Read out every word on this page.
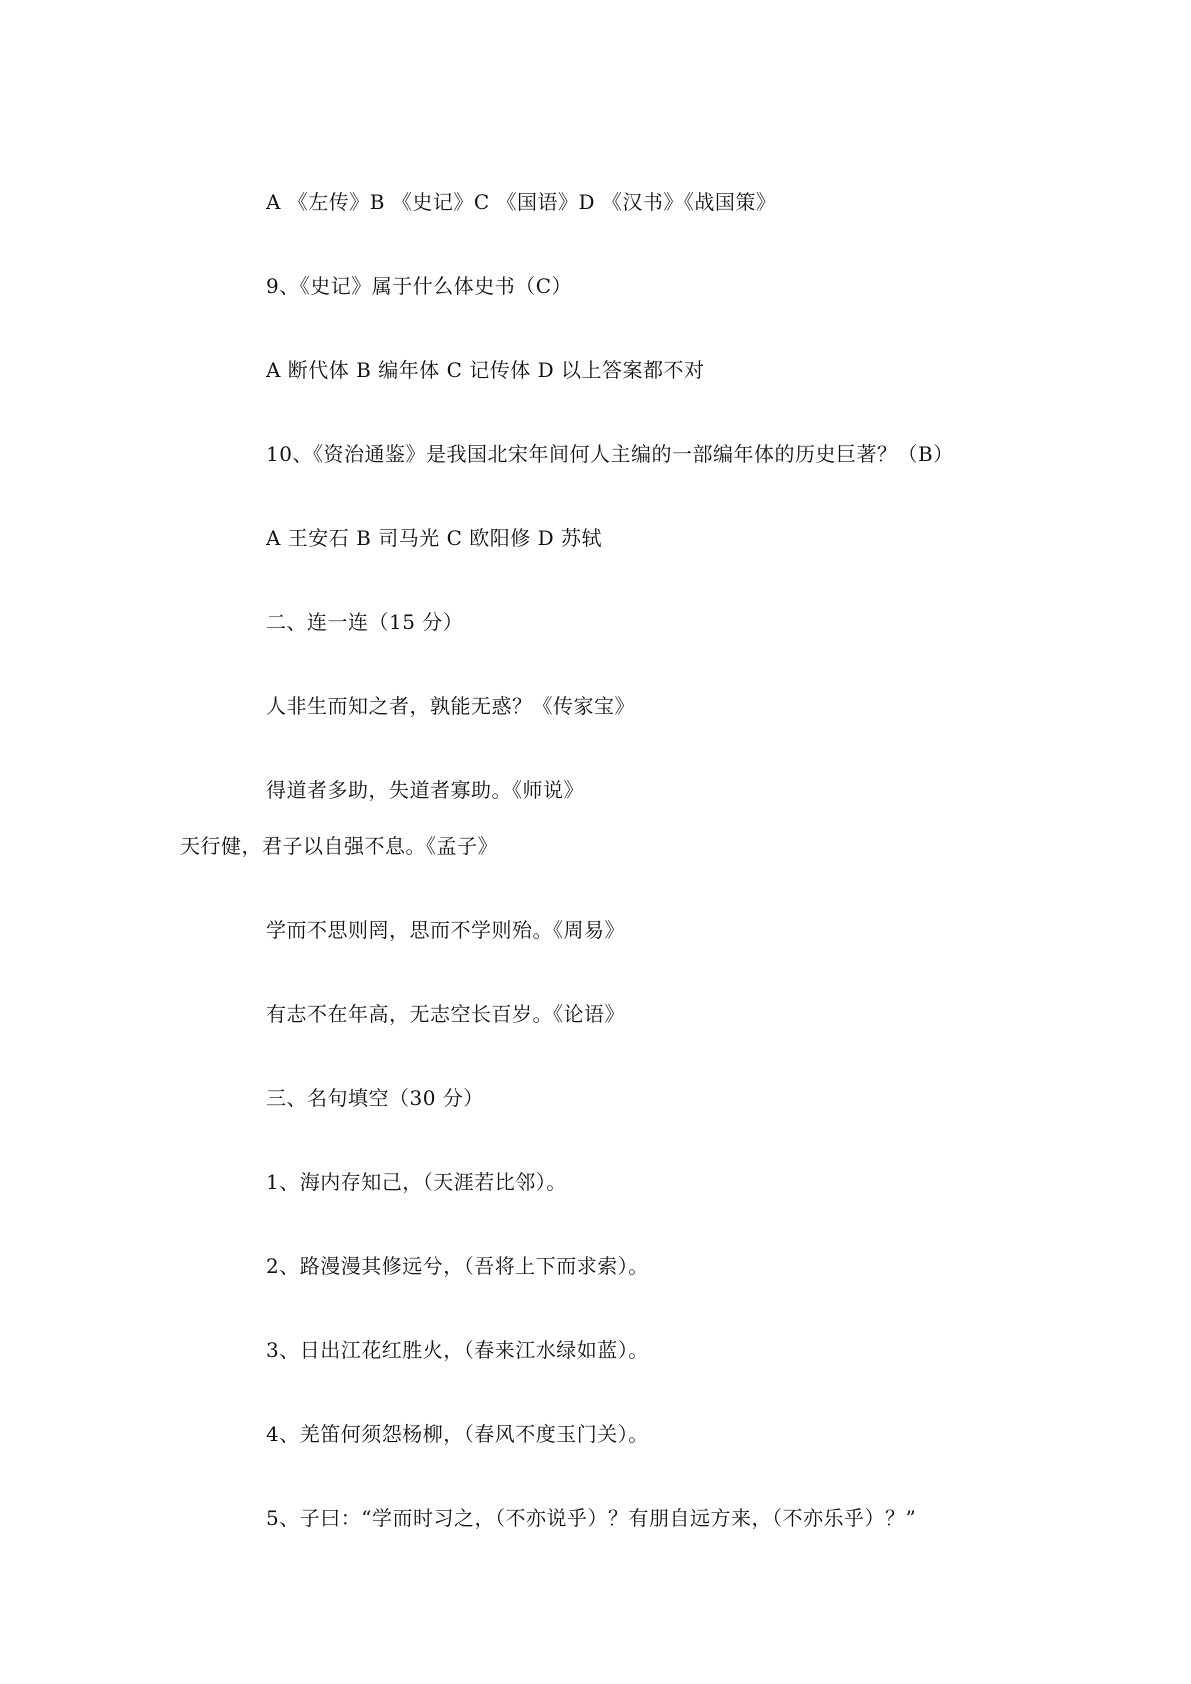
A 《左传》B 《史记》C 《国语》D 《汉书》《战国策》
9、《史记》属于什么体史书（C）
A 断代体 B 编年体 C 记传体 D 以上答案都不对
10、《资治通鉴》是我国北宋年间何人主编的一部编年体的历史巨著？（B）
A 王安石 B 司马光 C 欧阳修 D 苏轼
二、连一连（15 分）
人非生而知之者，孰能无惑？《传家宝》
得道者多助，失道者寡助。《师说》
天行健，君子以自强不息。《孟子》
学而不思则罔，思而不学则殆。《周易》
有志不在年高，无志空长百岁。《论语》
三、名句填空（30 分）
1、海内存知己，（天涯若比邻）。
2、路漫漫其修远兮，（吾将上下而求索）。
3、日出江花红胜火，（春来江水绿如蓝）。
4、羌笛何须怨杨柳，（春风不度玉门关）。
5、子曰：“学而时习之，（不亦说乎）？有朋自远方来，（不亦乐乎）？”
